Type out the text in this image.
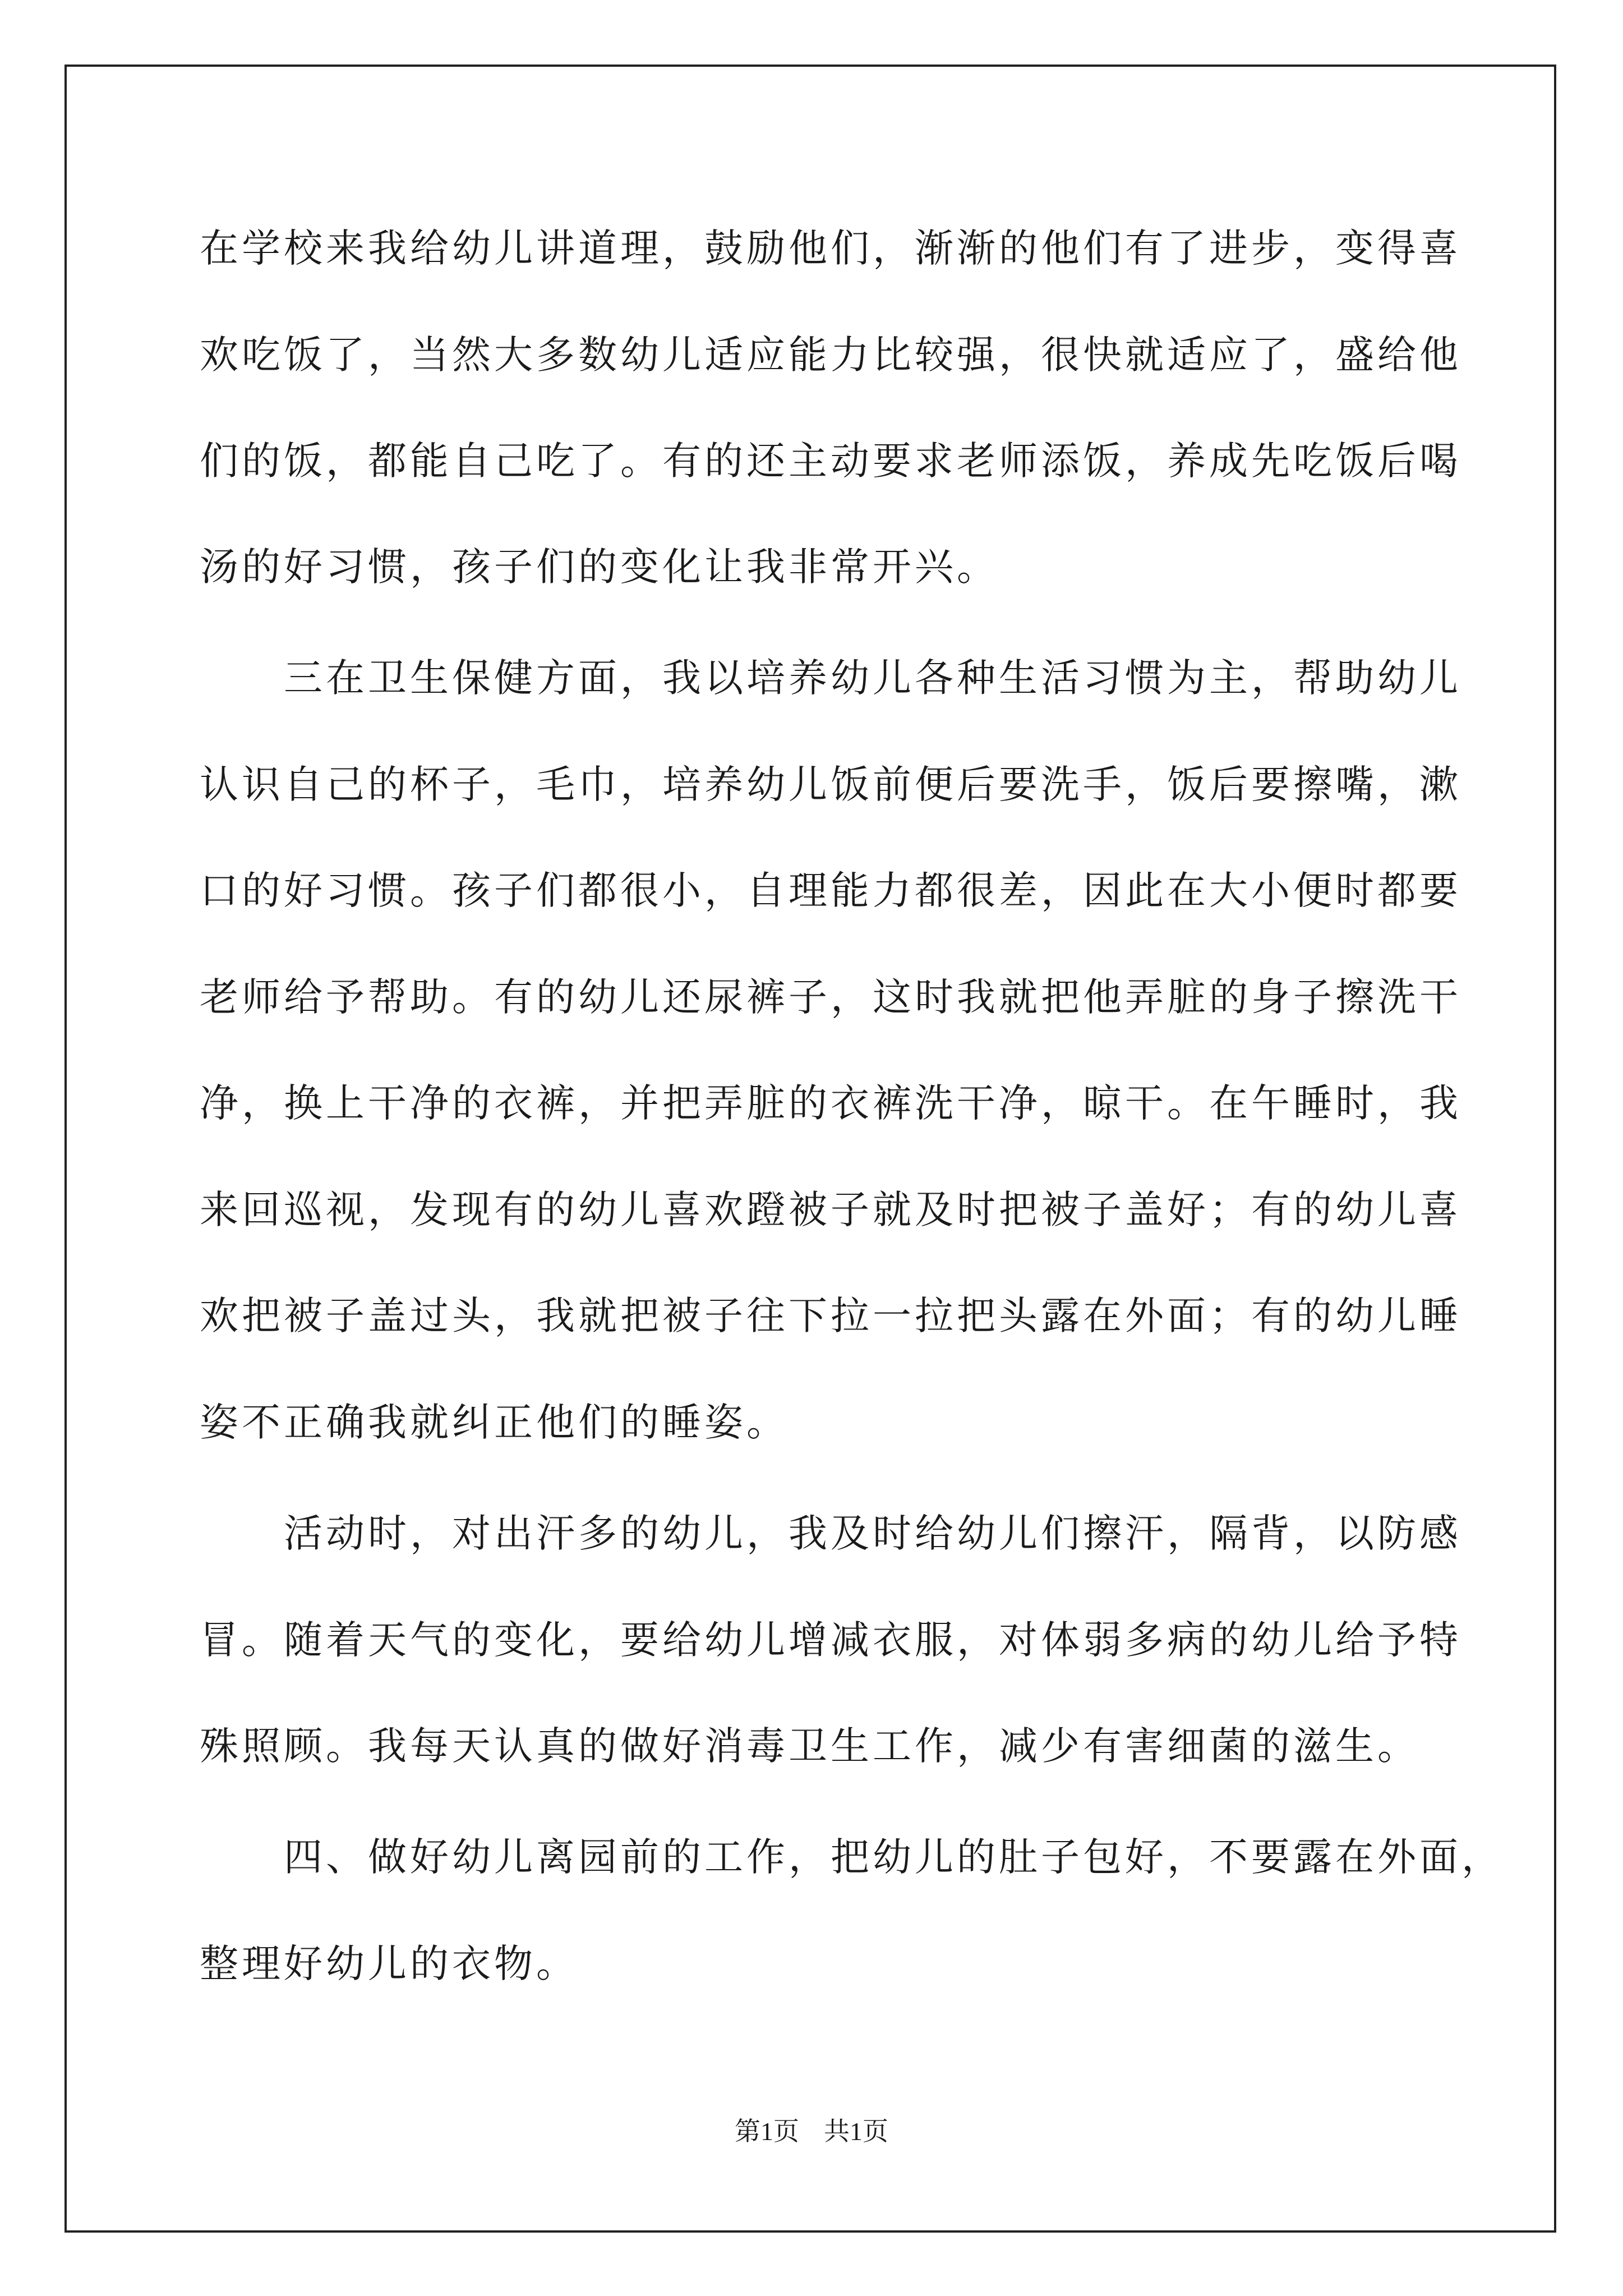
在学校来我给幼儿讲道理，鼓励他们，渐渐的他们有了进步，变得喜

欢吃饭了，当然大多数幼儿适应能力比较强，很快就适应了，盛给他

们的饭，都能自己吃了。有的还主动要求老师添饭，养成先吃饭后喝

汤的好习惯，孩子们的变化让我非常开兴。

　　三在卫生保健方面，我以培养幼儿各种生活习惯为主，帮助幼儿

认识自己的杯子，毛巾，培养幼儿饭前便后要洗手，饭后要擦嘴，漱

口的好习惯。孩子们都很小，自理能力都很差，因此在大小便时都要

老师给予帮助。有的幼儿还尿裤子，这时我就把他弄脏的身子擦洗干

净，换上干净的衣裤，并把弄脏的衣裤洗干净，晾干。在午睡时，我

来回巡视，发现有的幼儿喜欢蹬被子就及时把被子盖好；有的幼儿喜

欢把被子盖过头，我就把被子往下拉一拉把头露在外面；有的幼儿睡

姿不正确我就纠正他们的睡姿。

　　活动时，对出汗多的幼儿，我及时给幼儿们擦汗，隔背，以防感

冒。随着天气的变化，要给幼儿增减衣服，对体弱多病的幼儿给予特

殊照顾。我每天认真的做好消毒卫生工作，减少有害细菌的滋生。

　　四、做好幼儿离园前的工作，把幼儿的肚子包好，不要露在外面，

整理好幼儿的衣物。

第1页 共1页
